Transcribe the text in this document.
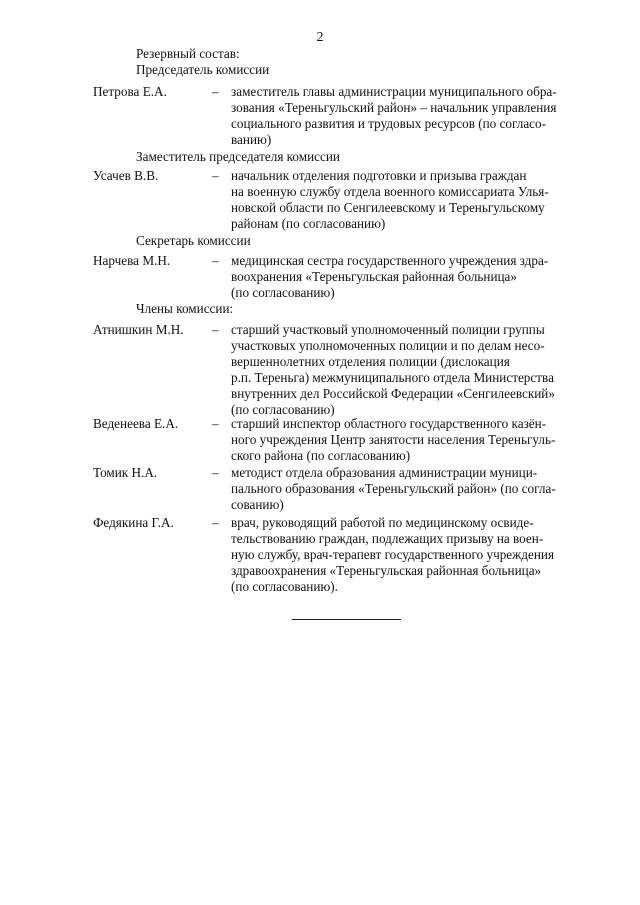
2
Резервный состав:
Председатель комиссии
Петрова Е.А.	– заместитель главы администрации муниципального обра-
зования «Тереньгульский район» – начальник управления
социального развития и трудовых ресурсов (по согласо-
ванию)
Заместитель председателя комиссии
Усачев В.В.	– начальник отделения подготовки и призыва граждан
на военную службу отдела военного комиссариата Улья-
новской области по Сенгилеевскому и Тереньгульскому
районам (по согласованию)
Секретарь комиссии
Нарчева М.Н.	– медицинская сестра государственного учреждения здра-
воохранения «Тереньгульская районная больница»
(по согласованию)
Члены комиссии:
Атнишкин М.Н. – старший участковый уполномоченный полиции группы
участковых уполномоченных полиции и по делам несо-
вершеннолетних отделения полиции (дислокация
р.п. Тереньга) межмуниципального отдела Министерства
внутренних дел Российской Федерации «Сенгилеевский»
(по согласованию)
Веденеева Е.А.	– старший инспектор областного государственного казён-
ного учреждения Центр занятости населения Тереньгуль-
ского района (по согласованию)
Томик Н.А.	– методист отдела образования администрации муници-
пального образования «Тереньгульский район» (по согла-
сованию)
Федякина Г.А.	– врач, руководящий работой по медицинскому освиде-
тельствованию граждан, подлежащих призыву на воен-
ную службу, врач-терапевт государственного учреждения
здравоохранения «Тереньгульская районная больница»
(по согласованию).
